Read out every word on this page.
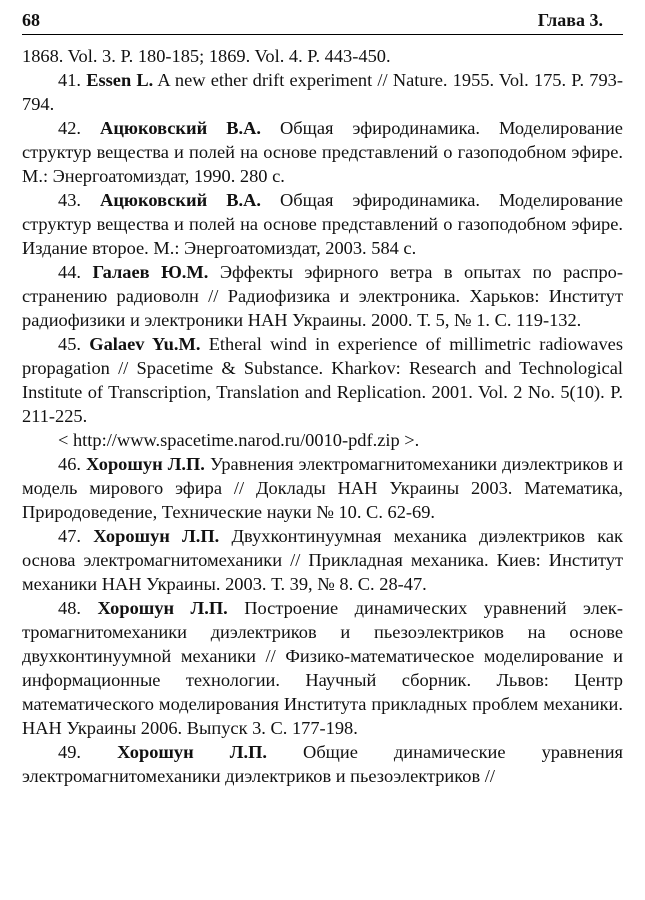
68	Глава 3.

1868. Vol. 3. P. 180-185; 1869. Vol. 4. P. 443-450.

41. Essen L. A new ether drift experiment // Nature. 1955. Vol. 175. P. 793-794.

42. Ацюковский В.А. Общая эфиродинамика. Моделирование структур вещества и полей на основе представлений о газоподобном эфире. М.: Энергоатомиздат, 1990. 280 с.

43. Ацюковский В.А. Общая эфиродинамика. Моделирование структур вещества и полей на основе представлений о газоподобном эфире. Издание второе. М.: Энергоатомиздат, 2003. 584 с.

44. Галаев Ю.М. Эффекты эфирного ветра в опытах по распространению радиоволн // Радиофизика и электроника. Харьков: Институт радиофизики и электроники НАН Украины. 2000. Т. 5, № 1. С. 119-132.

45. Galaev Yu.M. Etheral wind in experience of millimetric radiowaves propagation // Spacetime & Substance. Kharkov: Research and Technological Institute of Transcription, Translation and Replication. 2001. Vol. 2 No. 5(10). P. 211-225.

< http://www.spacetime.narod.ru/0010-pdf.zip >.

46. Хорошун Л.П. Уравнения электромагнитомеханики диэлектриков и модель мирового эфира // Доклады НАН Украины 2003. Математика, Природоведение, Технические науки № 10. С. 62-69.

47. Хорошун Л.П. Двухконтинуумная механика диэлектриков как основа электромагнитомеханики // Прикладная механика. Киев: Институт механики НАН Украины. 2003. Т. 39, № 8. С. 28-47.

48. Хорошун Л.П. Построение динамических уравнений электромагнитомеханики диэлектриков и пьезоэлектриков на основе двухконтинуумной механики // Физико-математическое моделирование и информационные технологии. Научный сборник. Львов: Центр математического моделирования Института прикладных проблем механики. НАН Украины 2006. Выпуск 3. С. 177-198.

49. Хорошун Л.П. Общие динамические уравнения электромагнитомеханики диэлектриков и пьезоэлектриков //
